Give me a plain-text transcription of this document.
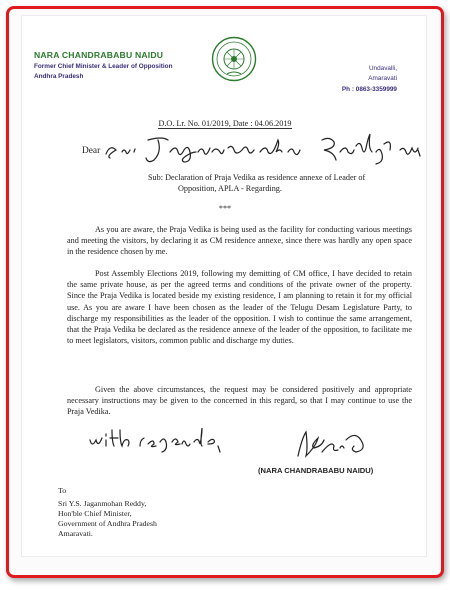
NARA CHANDRABABU NAIDU
Former Chief Minister & Leader of Opposition
Andhra Pradesh
Undavalli,
Amaravati
Ph : 0863-3359999
D.O. Lr. No. 01/2019, Date : 04.06.2019
Dear
Sri Jaganmohan Reddy garu,
Sub: Declaration of Praja Vedika as residence annexe of Leader of
Opposition, APLA - Regarding.
***

As you are aware, the Praja Vedika is being used as the facility for conducting various meetings and meeting the visitors, by declaring it as CM residence annexe, since there was hardly any open space in the residence chosen by me.

Post Assembly Elections 2019, following my demitting of CM office, I have decided to retain the same private house, as per the agreed terms and conditions of the private owner of the property. Since the Praja Vedika is located beside my existing residence, I am planning to retain it for my official use. As you are aware I have been chosen as the leader of the Telugu Desam Legislature Party, to discharge my responsibilities as the leader of the opposition. I wish to continue the same arrangement, that the Praja Vedika be declared as the residence annexe of the leader of the opposition, to facilitate me to meet legislators, visitors, common public and discharge my duties.

Given the above circumstances, the request may be considered positively and appropriate necessary instructions may be given to the concerned in this regard, so that I may continue to use the Praja Vedika.

With regards,
(NARA CHANDRABABU NAIDU)
To
Sri Y.S. Jaganmohan Reddy,
Hon'ble Chief Minister,
Government of Andhra Pradesh
Amaravati.
